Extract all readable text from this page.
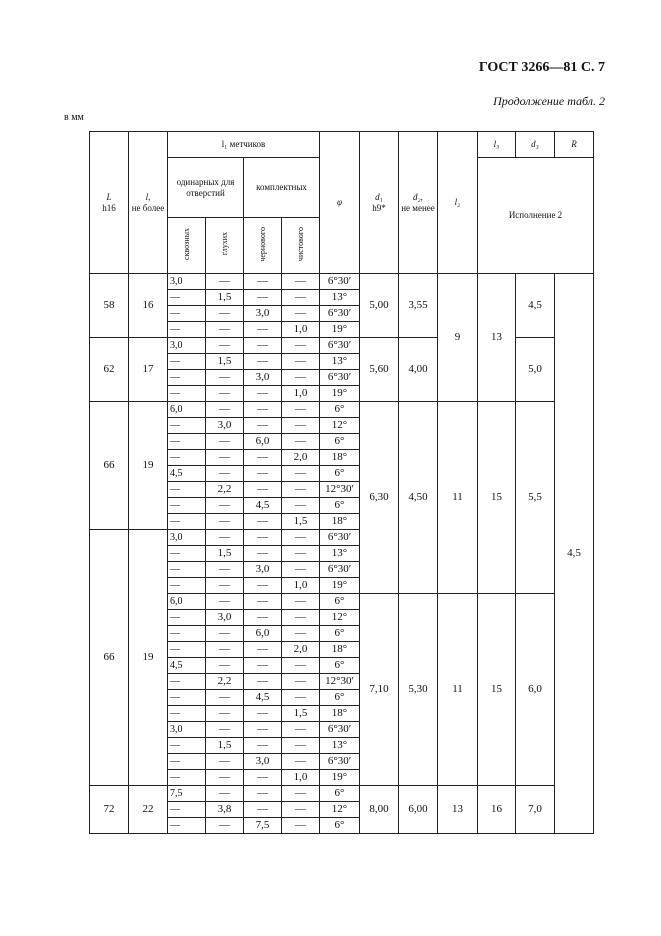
ГОСТ 3266—81 С. 7
Продолжение табл. 2
в мм
L
h16	l,
не более	l₁ метчиков				φ	d₁
h9*	d₂,
не менее	l₂	l₃	d₃	R
		одинарных для отверстий		комплектных						Исполнение 2		
		сквозных	глухих	чернового	чистового							
58	16	3,0	—	—	—	6°30′	5,00	3,55	9	13	4,5	4,5
		—	1,5	—	—	13°						
		—	—	3,0	—	6°30′						
		—	—	—	1,0	19°						
62	17	3,0	—	—	—	6°30′	5,60	4,00			5,0	
		—	1,5	—	—	13°						
		—	—	3,0	—	6°30′						
		—	—	—	1,0	19°						
66	19	6,0	—	—	—	6°	6,30	4,50	11	15	5,5	
		—	3,0	—	—	12°						
		—	—	6,0	—	6°						
		—	—	—	2,0	18°						
		4,5	—	—	—	6°						
		—	2,2	—	—	12°30′						
		—	—	4,5	—	6°						
		—	—	—	1,5	18°						
66	19	3,0	—	—	—	6°30′						
		—	1,5	—	—	13°						
		—	—	3,0	—	6°30′						
		—	—	—	1,0	19°						
		6,0	—	—	—	6°	7,10	5,30	11	15	6,0	
		—	3,0	—	—	12°						
		—	—	6,0	—	6°						
		—	—	—	2,0	18°						
		4,5	—	—	—	6°						
		—	2,2	—	—	12°30′						
		—	—	4,5	—	6°						
		—	—	—	1,5	18°						
		3,0	—	—	—	6°30′						
		—	1,5	—	—	13°						
		—	—	3,0	—	6°30′						
		—	—	—	1,0	19°						
72	22	7,5	—	—	—	6°	8,00	6,00	13	16	7,0	
		—	3,8	—	—	12°						
		—	—	7,5	—	6°						
